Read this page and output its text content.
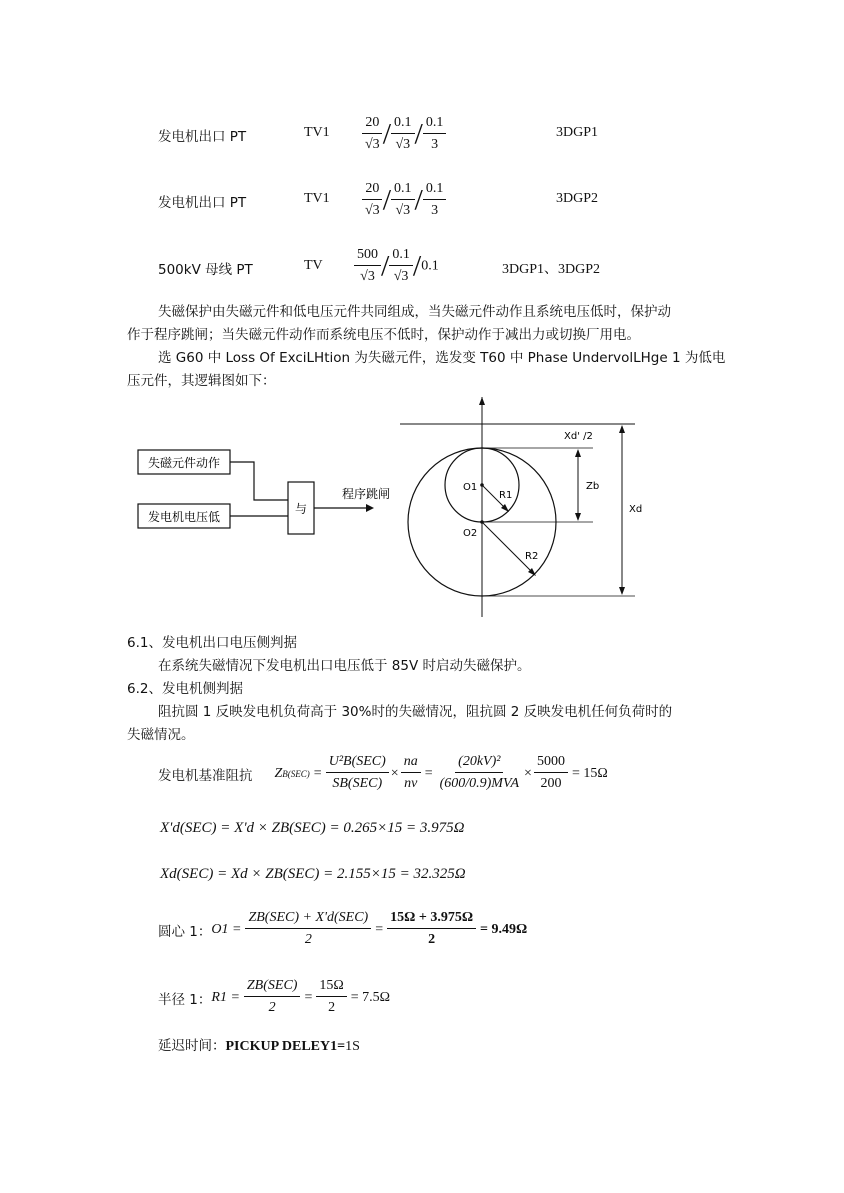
发电机出口 PT	$TV1 \frac{20}{√3} / \frac{0.1}{√3} / \frac{0.1}{3}$	3DGP1
发电机出口 PT	$TV1 \frac{20}{√3} / \frac{0.1}{√3} / \frac{0.1}{3}$	3DGP2
500kV 母线 PT	TV $\frac{500}{√3} / \frac{0.1}{√3} /0.1$	3DGP1、3DGP2
失磁保护由失磁元件和低电压元件共同组成，当失磁元件动作且系统电压低时，保护动
作于程序跳闸；当失磁元件动作而系统电压不低时，保护动作于减出力或切换厂用电。
选 G60 中 Loss Of ExciLHtion 为失磁元件，选发变 T60 中 Phase UndervolLHge 1 为低电
压元件，其逻辑图如下：
失磁元件动作
发电机电压低
与
程序跳闸
Zb
Xd
Xd' /2
O1
O2
R1
R2
6.1、发电机出口电压侧判据
在系统失磁情况下发电机出口电压低于 85V 时启动失磁保护。
6.2、发电机侧判据
阻抗圆 1 反映发电机负荷高于 30%时的失磁情况，阻抗圆 2 反映发电机任何负荷时的
失磁情况。
发电机基准阻抗 Z $B(SEC) = \frac{\text{U²B(SEC)}}{\text{SB(SEC)}} \times \frac{na}{nv} = \frac{\text{(20kV)²}}{\text{(600/0.9)MVA}} \times \frac{5000}{200} = 15\Omega$
X'd(SEC) = X'd × ZB(SEC) = 0.265×15 = 3.975Ω
Xd(SEC) = Xd × ZB(SEC) = 2.155×15 = 32.325Ω
圆心 1： $O1 = \frac{\text{ZB(SEC) + X'd(SEC)}}{2} = \frac{15\Omega + 3.975\Omega}{2} = 9.49\Omega$
半径 1： $R1 = \frac{\text{ZB(SEC)}}{2} = \frac{15\Omega}{2} = 7.5\Omega$
延迟时间：PICKUP DELEY1=1S
